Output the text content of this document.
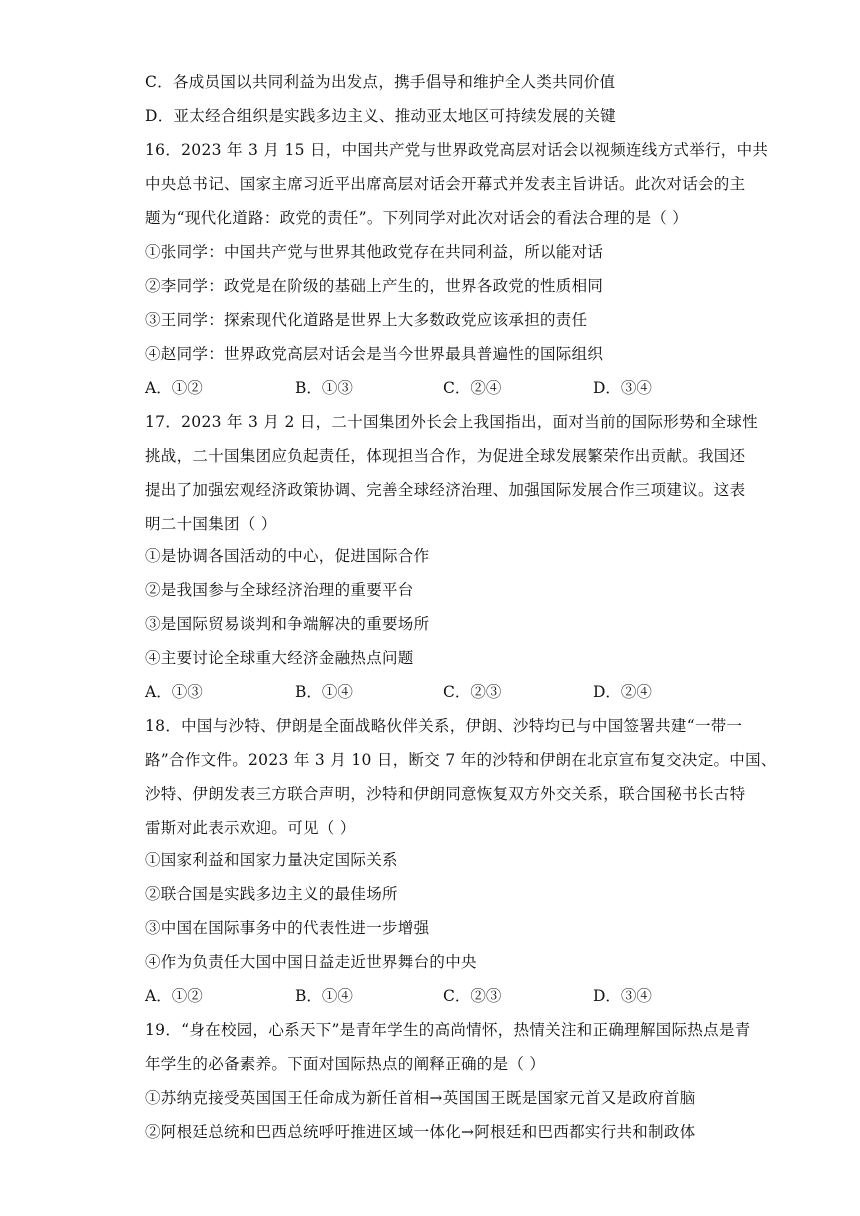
C．各成员国以共同利益为出发点，携手倡导和维护全人类共同价值
D．亚太经合组织是实践多边主义、推动亚太地区可持续发展的关键
16．2023 年 3 月 15 日，中国共产党与世界政党高层对话会以视频连线方式举行，中共
中央总书记、国家主席习近平出席高层对话会开幕式并发表主旨讲话。此次对话会的主
题为“现代化道路：政党的责任”。下列同学对此次对话会的看法合理的是（ ）
①张同学：中国共产党与世界其他政党存在共同利益，所以能对话
②李同学：政党是在阶级的基础上产生的，世界各政党的性质相同
③王同学：探索现代化道路是世界上大多数政党应该承担的责任
④赵同学：世界政党高层对话会是当今世界最具普遍性的国际组织
A．①②	B．①③	C．②④	D．③④
17．2023 年 3 月 2 日，二十国集团外长会上我国指出，面对当前的国际形势和全球性
挑战，二十国集团应负起责任，体现担当合作，为促进全球发展繁荣作出贡献。我国还
提出了加强宏观经济政策协调、完善全球经济治理、加强国际发展合作三项建议。这表
明二十国集团（ ）
①是协调各国活动的中心，促进国际合作
②是我国参与全球经济治理的重要平台
③是国际贸易谈判和争端解决的重要场所
④主要讨论全球重大经济金融热点问题
A．①③	B．①④	C．②③	D．②④
18．中国与沙特、伊朗是全面战略伙伴关系，伊朗、沙特均已与中国签署共建“一带一
路”合作文件。2023 年 3 月 10 日，断交 7 年的沙特和伊朗在北京宣布复交决定。中国、
沙特、伊朗发表三方联合声明，沙特和伊朗同意恢复双方外交关系，联合国秘书长古特
雷斯对此表示欢迎。可见（ ）
①国家利益和国家力量决定国际关系
②联合国是实践多边主义的最佳场所
③中国在国际事务中的代表性进一步增强
④作为负责任大国中国日益走近世界舞台的中央
A．①②	B．①④	C．②③	D．③④
19．“身在校园，心系天下”是青年学生的高尚情怀，热情关注和正确理解国际热点是青
年学生的必备素养。下面对国际热点的阐释正确的是（ ）
①苏纳克接受英国国王任命成为新任首相→英国国王既是国家元首又是政府首脑
②阿根廷总统和巴西总统呼吁推进区域一体化→阿根廷和巴西都实行共和制政体
